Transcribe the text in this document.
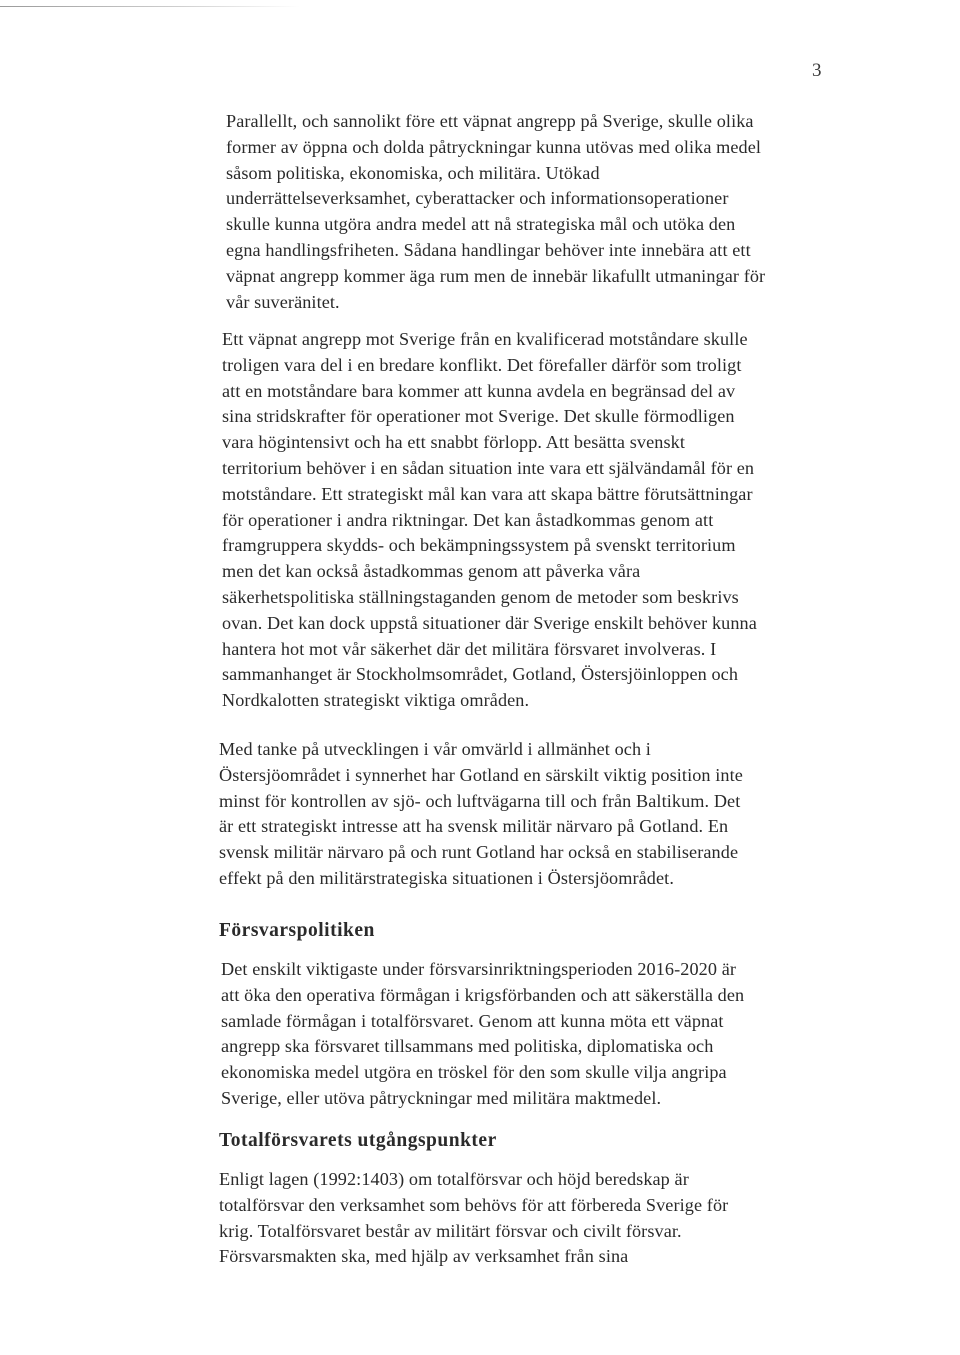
3
Parallellt, och sannolikt före ett väpnat angrepp på Sverige, skulle olika
former av öppna och dolda påtryckningar kunna utövas med olika medel
såsom politiska, ekonomiska, och militära. Utökad
underrättelseverksamhet, cyberattacker och informationsoperationer
skulle kunna utgöra andra medel att nå strategiska mål och utöka den
egna handlingsfriheten. Sådana handlingar behöver inte innebära att ett
väpnat angrepp kommer äga rum men de innebär likafullt utmaningar för
vår suveränitet.
Ett väpnat angrepp mot Sverige från en kvalificerad motståndare skulle
troligen vara del i en bredare konflikt. Det förefaller därför som troligt
att en motståndare bara kommer att kunna avdela en begränsad del av
sina stridskrafter för operationer mot Sverige. Det skulle förmodligen
vara högintensivt och ha ett snabbt förlopp. Att besätta svenskt
territorium behöver i en sådan situation inte vara ett självändamål för en
motståndare. Ett strategiskt mål kan vara att skapa bättre förutsättningar
för operationer i andra riktningar. Det kan åstadkommas genom att
framgruppera skydds- och bekämpningssystem på svenskt territorium
men det kan också åstadkommas genom att påverka våra
säkerhetspolitiska ställningstaganden genom de metoder som beskrivs
ovan. Det kan dock uppstå situationer där Sverige enskilt behöver kunna
hantera hot mot vår säkerhet där det militära försvaret involveras. I
sammanhanget är Stockholmsområdet, Gotland, Östersjöinloppen och
Nordkalotten strategiskt viktiga områden.
Med tanke på utvecklingen i vår omvärld i allmänhet och i
Östersjöområdet i synnerhet har Gotland en särskilt viktig position inte
minst för kontrollen av sjö- och luftvägarna till och från Baltikum. Det
är ett strategiskt intresse att ha svensk militär närvaro på Gotland. En
svensk militär närvaro på och runt Gotland har också en stabiliserande
effekt på den militärstrategiska situationen i Östersjöområdet.
Försvarspolitiken
Det enskilt viktigaste under försvarsinriktningsperioden 2016-2020 är
att öka den operativa förmågan i krigsförbanden och att säkerställa den
samlade förmågan i totalförsvaret. Genom att kunna möta ett väpnat
angrepp ska försvaret tillsammans med politiska, diplomatiska och
ekonomiska medel utgöra en tröskel för den som skulle vilja angripa
Sverige, eller utöva påtryckningar med militära maktmedel.
Totalförsvarets utgångspunkter
Enligt lagen (1992:1403) om totalförsvar och höjd beredskap är
totalförsvar den verksamhet som behövs för att förbereda Sverige för
krig. Totalförsvaret består av militärt försvar och civilt försvar.
Försvarsmakten ska, med hjälp av verksamhet från sina
